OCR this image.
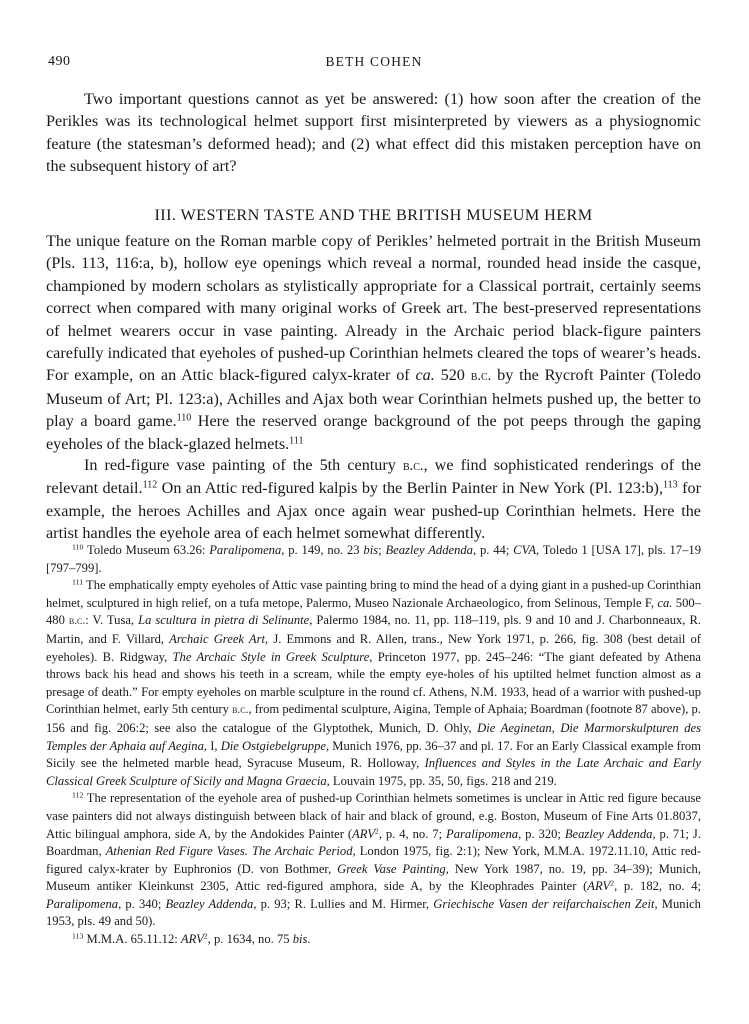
490	BETH COHEN

Two important questions cannot as yet be answered: (1) how soon after the creation of the Perikles was its technological helmet support first misinterpreted by viewers as a physiognomic feature (the statesman’s deformed head); and (2) what effect did this mistaken perception have on the subsequent history of art?

III. WESTERN TASTE AND THE BRITISH MUSEUM HERM

The unique feature on the Roman marble copy of Perikles’ helmeted portrait in the British Museum (Pls. 113, 116:a, b), hollow eye openings which reveal a normal, rounded head inside the casque, championed by modern scholars as stylistically appropriate for a Classical portrait, certainly seems correct when compared with many original works of Greek art. The best-preserved representations of helmet wearers occur in vase painting. Already in the Archaic period black-figure painters carefully indicated that eyeholes of pushed-up Corinthian helmets cleared the tops of wearer’s heads. For example, on an Attic black-figured calyx-krater of ca. 520 b.c. by the Rycroft Painter (Toledo Museum of Art; Pl. 123:a), Achilles and Ajax both wear Corinthian helmets pushed up, the better to play a board game.$^{110}$ Here the reserved orange background of the pot peeps through the gaping eyeholes of the black-glazed helmets.$^{111}$

In red-figure vase painting of the 5th century b.c., we find sophisticated renderings of the relevant detail.$^{112}$ On an Attic red-figured kalpis by the Berlin Painter in New York (Pl. 123:b),$^{113}$ for example, the heroes Achilles and Ajax once again wear pushed-up Corinthian helmets. Here the artist handles the eyehole area of each helmet somewhat differently.

$^{110}$ Toledo Museum 63.26: Paralipomena, p. 149, no. 23 bis; Beazley Addenda, p. 44; CVA, Toledo 1 [USA 17], pls. 17–19 [797–799].

$^{111}$ The emphatically empty eyeholes of Attic vase painting bring to mind the head of a dying giant in a pushed-up Corinthian helmet, sculptured in high relief, on a tufa metope, Palermo, Museo Nazionale Archaeologico, from Selinous, Temple F, ca. 500–480 b.c.: V. Tusa, La scultura in pietra di Selinunte, Palermo 1984, no. 11, pp. 118–119, pls. 9 and 10 and J. Charbonneaux, R. Martin, and F. Villard, Archaic Greek Art, J. Emmons and R. Allen, trans., New York 1971, p. 266, fig. 308 (best detail of eyeholes). B. Ridgway, The Archaic Style in Greek Sculpture, Princeton 1977, pp. 245–246: “The giant defeated by Athena throws back his head and shows his teeth in a scream, while the empty eye-holes of his uptilted helmet function almost as a presage of death.” For empty eyeholes on marble sculpture in the round cf. Athens, N.M. 1933, head of a warrior with pushed-up Corinthian helmet, early 5th century b.c., from pedimental sculpture, Aigina, Temple of Aphaia; Boardman (footnote 87 above), p. 156 and fig. 206:2; see also the catalogue of the Glyptothek, Munich, D. Ohly, Die Aeginetan, Die Marmorskulpturen des Temples der Aphaia auf Aegina, I, Die Ostgiebelgruppe, Munich 1976, pp. 36–37 and pl. 17. For an Early Classical example from Sicily see the helmeted marble head, Syracuse Museum, R. Holloway, Influences and Styles in the Late Archaic and Early Classical Greek Sculpture of Sicily and Magna Graecia, Louvain 1975, pp. 35, 50, figs. 218 and 219.

$^{112}$ The representation of the eyehole area of pushed-up Corinthian helmets sometimes is unclear in Attic red figure because vase painters did not always distinguish between black of hair and black of ground, e.g. Boston, Museum of Fine Arts 01.8037, Attic bilingual amphora, side A, by the Andokides Painter (ARV$^2$, p. 4, no. 7; Paralipomena, p. 320; Beazley Addenda, p. 71; J. Boardman, Athenian Red Figure Vases. The Archaic Period, London 1975, fig. 2:1); New York, M.M.A. 1972.11.10, Attic red-figured calyx-krater by Euphronios (D. von Bothmer, Greek Vase Painting, New York 1987, no. 19, pp. 34–39); Munich, Museum antiker Kleinkunst 2305, Attic red-figured amphora, side A, by the Kleophrades Painter (ARV$^2$, p. 182, no. 4; Paralipomena, p. 340; Beazley Addenda, p. 93; R. Lullies and M. Hirmer, Griechische Vasen der reifarchaischen Zeit, Munich 1953, pls. 49 and 50).

$^{113}$ M.M.A. 65.11.12: ARV$^2$, p. 1634, no. 75 bis.
